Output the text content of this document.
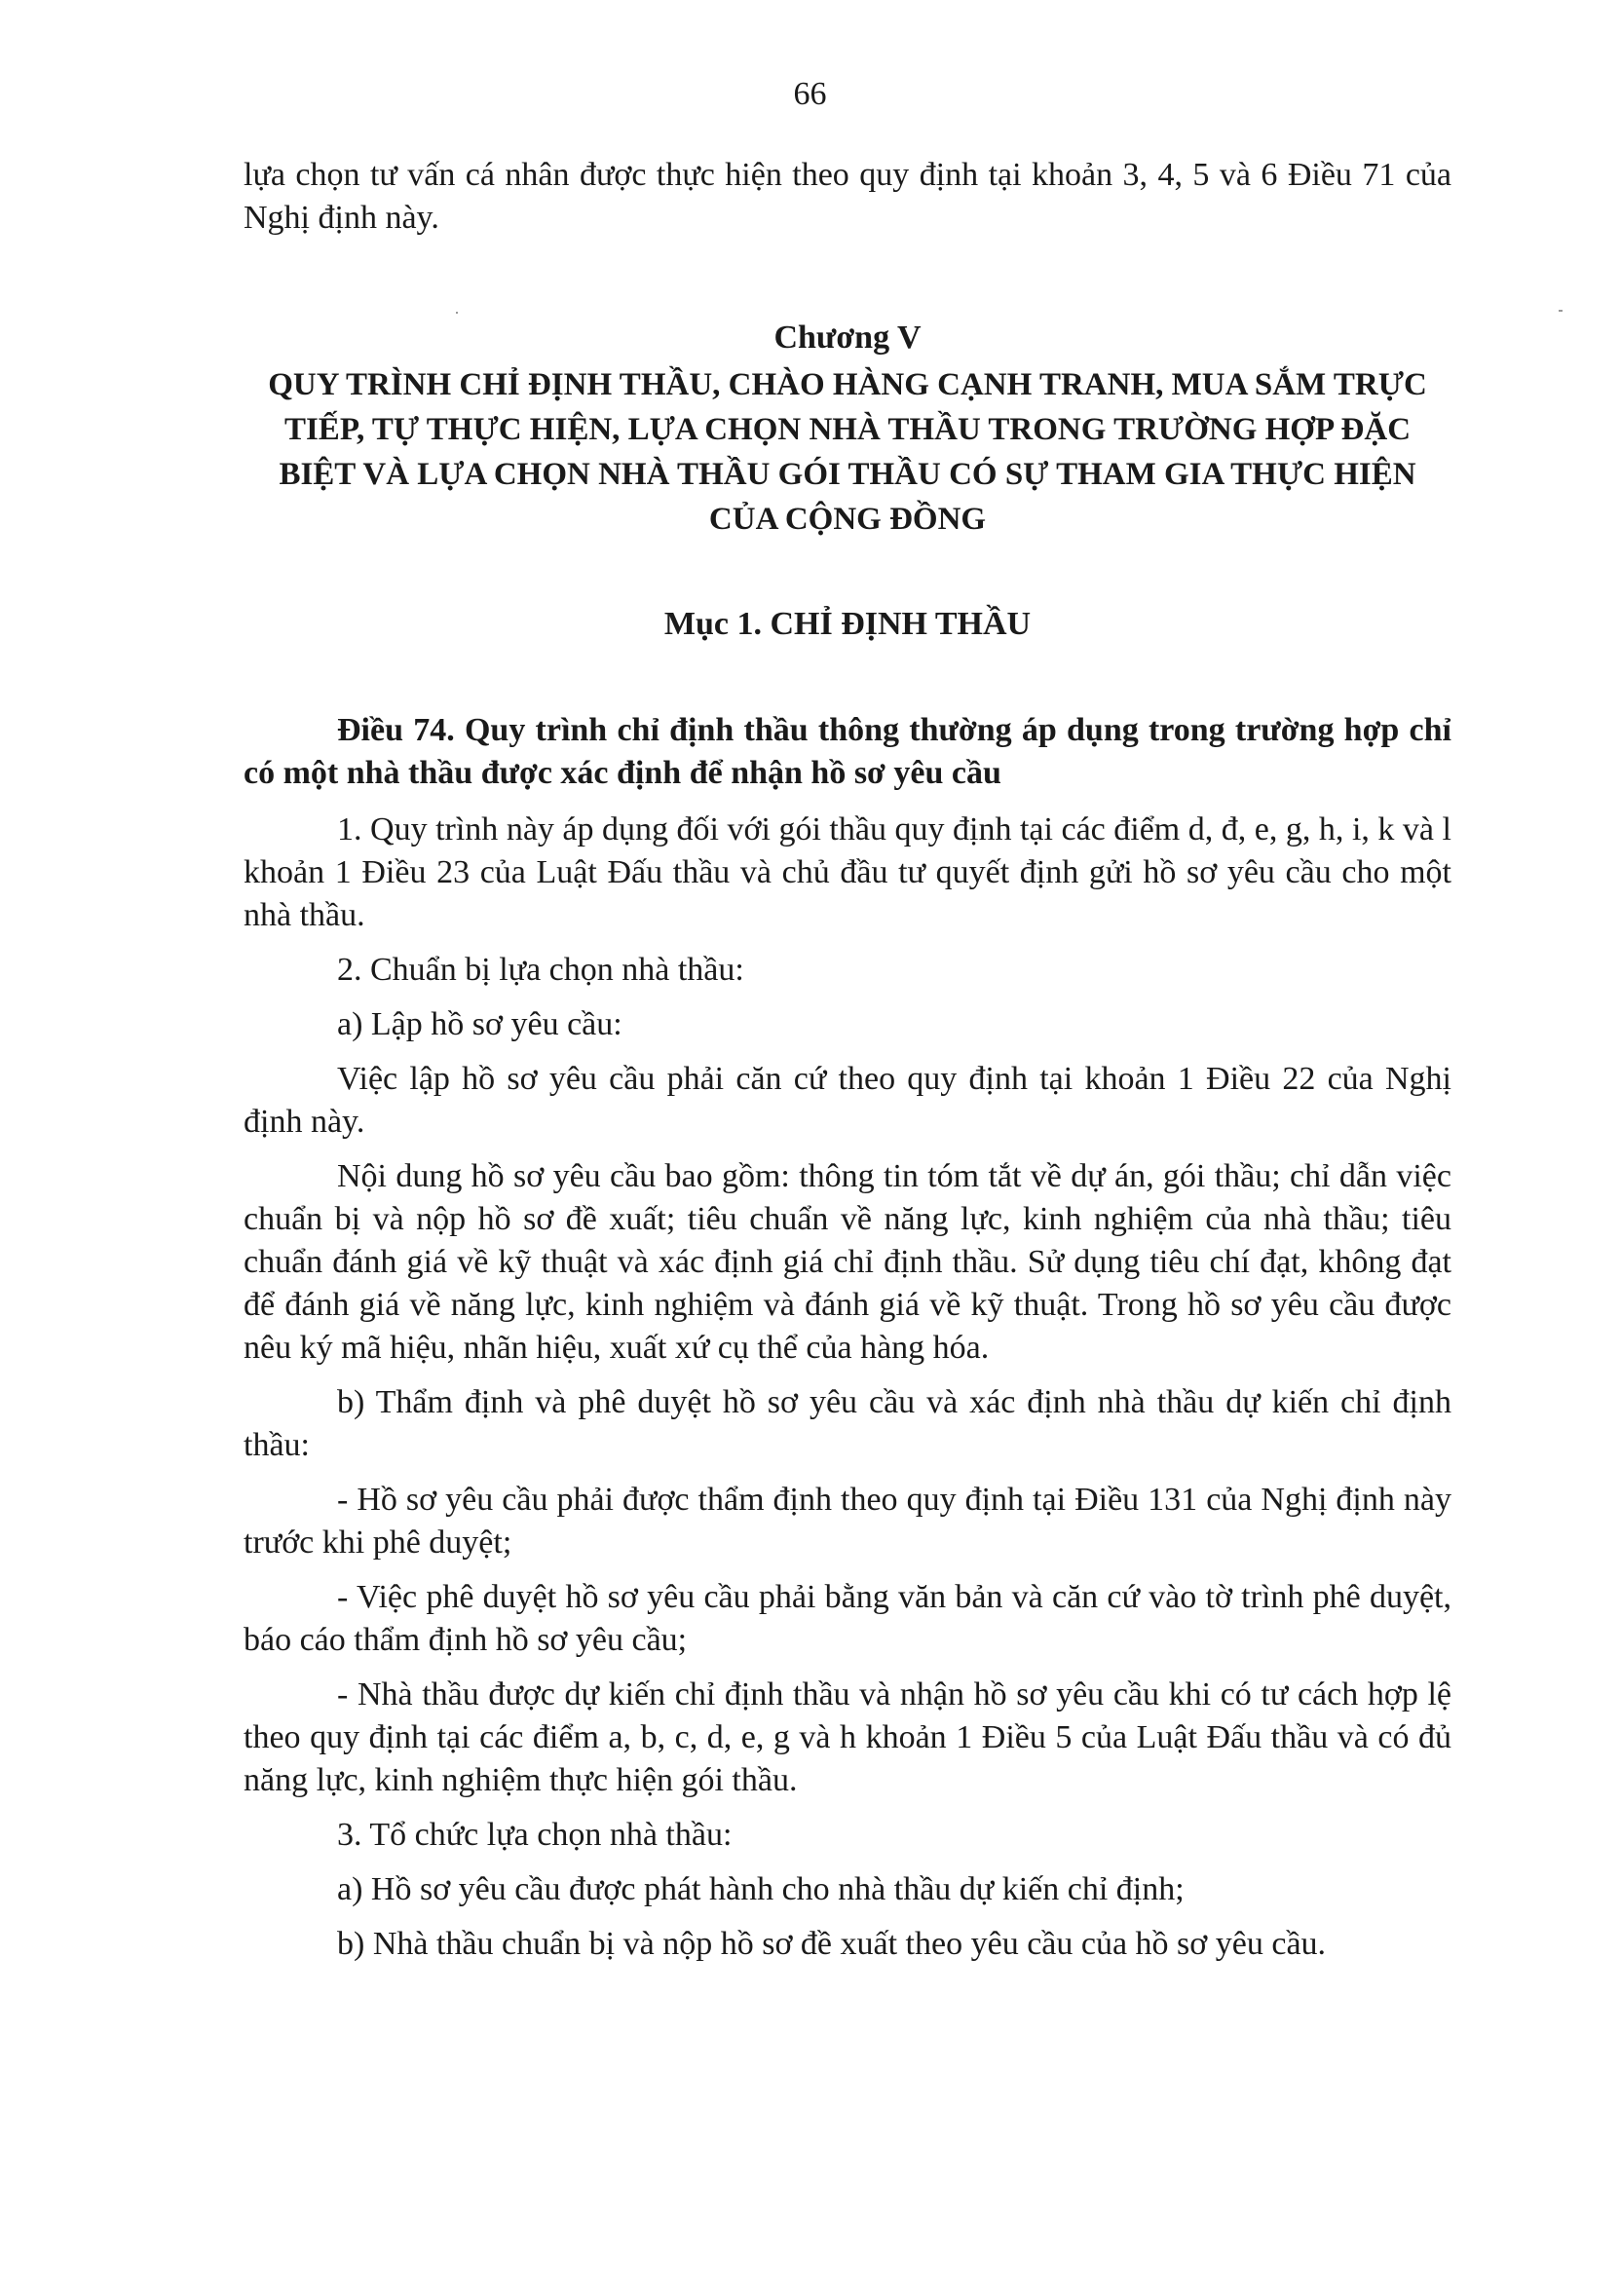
66

lựa chọn tư vấn cá nhân được thực hiện theo quy định tại khoản 3, 4, 5 và 6 Điều 71 của Nghị định này.

Chương V
QUY TRÌNH CHỈ ĐỊNH THẦU, CHÀO HÀNG CẠNH TRANH, MUA SẮM TRỰC TIẾP, TỰ THỰC HIỆN, LỰA CHỌN NHÀ THẦU TRONG TRƯỜNG HỢP ĐẶC BIỆT VÀ LỰA CHỌN NHÀ THẦU GÓI THẦU CÓ SỰ THAM GIA THỰC HIỆN CỦA CỘNG ĐỒNG
Mục 1. CHỈ ĐỊNH THẦU
Điều 74. Quy trình chỉ định thầu thông thường áp dụng trong trường hợp chỉ có một nhà thầu được xác định để nhận hồ sơ yêu cầu

1. Quy trình này áp dụng đối với gói thầu quy định tại các điểm d, đ, e, g, h, i, k và l khoản 1 Điều 23 của Luật Đấu thầu và chủ đầu tư quyết định gửi hồ sơ yêu cầu cho một nhà thầu.

2. Chuẩn bị lựa chọn nhà thầu:

a) Lập hồ sơ yêu cầu:

Việc lập hồ sơ yêu cầu phải căn cứ theo quy định tại khoản 1 Điều 22 của Nghị định này.

Nội dung hồ sơ yêu cầu bao gồm: thông tin tóm tắt về dự án, gói thầu; chỉ dẫn việc chuẩn bị và nộp hồ sơ đề xuất; tiêu chuẩn về năng lực, kinh nghiệm của nhà thầu; tiêu chuẩn đánh giá về kỹ thuật và xác định giá chỉ định thầu. Sử dụng tiêu chí đạt, không đạt để đánh giá về năng lực, kinh nghiệm và đánh giá về kỹ thuật. Trong hồ sơ yêu cầu được nêu ký mã hiệu, nhãn hiệu, xuất xứ cụ thể của hàng hóa.

b) Thẩm định và phê duyệt hồ sơ yêu cầu và xác định nhà thầu dự kiến chỉ định thầu:

- Hồ sơ yêu cầu phải được thẩm định theo quy định tại Điều 131 của Nghị định này trước khi phê duyệt;

- Việc phê duyệt hồ sơ yêu cầu phải bằng văn bản và căn cứ vào tờ trình phê duyệt, báo cáo thẩm định hồ sơ yêu cầu;

- Nhà thầu được dự kiến chỉ định thầu và nhận hồ sơ yêu cầu khi có tư cách hợp lệ theo quy định tại các điểm a, b, c, d, e, g và h khoản 1 Điều 5 của Luật Đấu thầu và có đủ năng lực, kinh nghiệm thực hiện gói thầu.

3. Tổ chức lựa chọn nhà thầu:

a) Hồ sơ yêu cầu được phát hành cho nhà thầu dự kiến chỉ định;

b) Nhà thầu chuẩn bị và nộp hồ sơ đề xuất theo yêu cầu của hồ sơ yêu cầu.
